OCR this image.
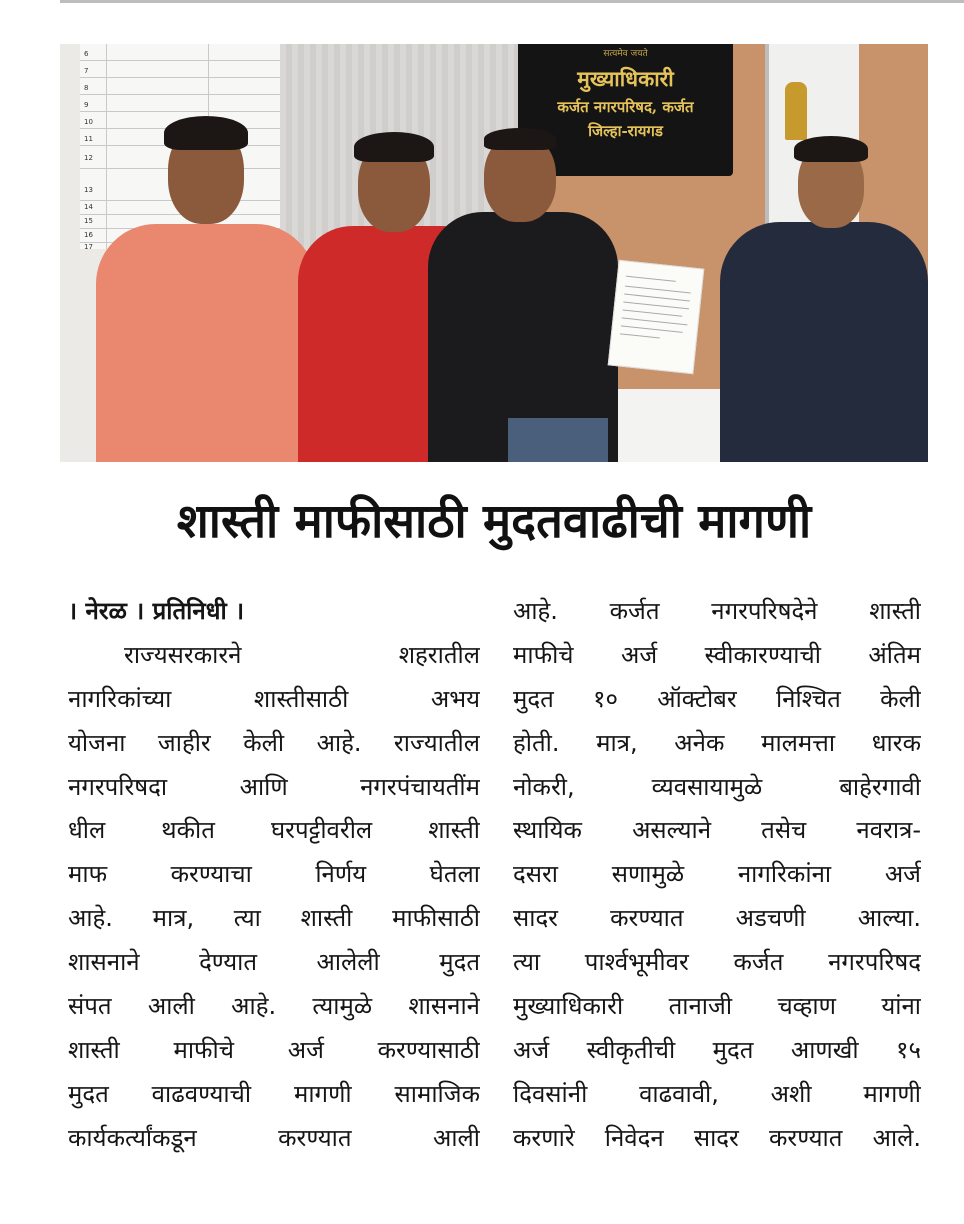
6
7
8
9
10
11
12
13
14
15
16
17
सत्यमेव जयते
मुख्याधिकारी
कर्जत नगरपरिषद, कर्जत
जिल्हा-रायगड
शास्ती माफीसाठी मुदतवाढीची मागणी
। नेरळ । प्रतिनिधी ।
राज्यसरकारने शहरातील
नागरिकांच्या शास्तीसाठी अभय
योजना जाहीर केली आहे. राज्यातील
नगरपरिषदा आणि नगरपंचायतींम
धील थकीत घरपट्टीवरील शास्ती
माफ करण्याचा निर्णय घेतला
आहे. मात्र, त्या शास्ती माफीसाठी
शासनाने देण्यात आलेली मुदत
संपत आली आहे. त्यामुळे शासनाने
शास्ती माफीचे अर्ज करण्यासाठी
मुदत वाढवण्याची मागणी सामाजिक
कार्यकर्त्यांकडून करण्यात आली
आहे. कर्जत नगरपरिषदेने शास्ती
माफीचे अर्ज स्वीकारण्याची अंतिम
मुदत १० ऑक्टोबर निश्चित केली
होती. मात्र, अनेक मालमत्ता धारक
नोकरी, व्यवसायामुळे बाहेरगावी
स्थायिक असल्याने तसेच नवरात्र-
दसरा सणामुळे नागरिकांना अर्ज
सादर करण्यात अडचणी आल्या.
त्या पार्श्वभूमीवर कर्जत नगरपरिषद
मुख्याधिकारी तानाजी चव्हाण यांना
अर्ज स्वीकृतीची मुदत आणखी १५
दिवसांनी वाढवावी, अशी मागणी
करणारे निवेदन सादर करण्यात आले.
